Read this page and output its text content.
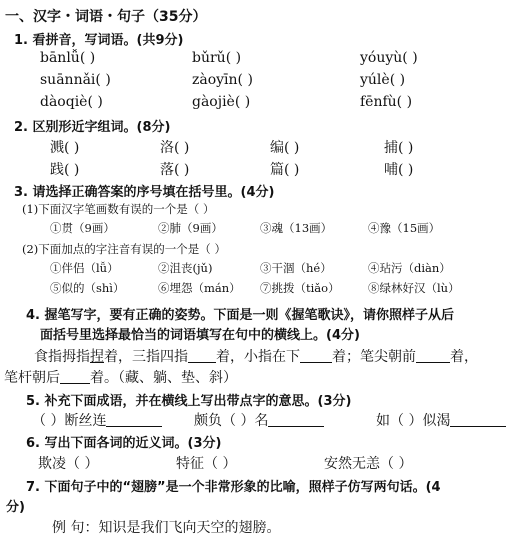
一、汉字・词语・句子（35分）
1. 看拼音，写词语。(共9分)
bānlǚ( )	bǔrǔ( )	yóuyù( )
suānnǎi( )	zàoyīn( )	yúlè( )
dàoqiè( )	gàojiè( )	fēnfù( )
2. 区别形近字组词。(8分)
溅( )	洛( )	编( )	捕( )
践( )	落( )	篇( )	哺( )
3. 请选择正确答案的序号填在括号里。(4分)
(1)下面汉字笔画数有误的一个是（ ）
①贯（9画）	②肺（9画）	③魂（13画）	④豫（15画）
(2)下面加点的字注音有误的一个是（ ）
①伴侣（lǚ）	②沮丧(jǔ)	③干涸（hé）	④玷污（diàn）
⑤似的（shì）	⑥埋怨（mán） ⑦挑拨（tiǎo） ⑧绿林好汉（lù）
4. 握笔写字，要有正确的姿势。下面是一则《握笔歌诀》，请你照样子从后
面括号里选择最恰当的词语填写在句中的横线上。(4分)
食指拇指捏着，三指四指 着，小指在下 着；笔尖朝前 着，
笔杆朝后 着。（藏、躺、垫、斜）
5. 补充下面成语，并在横线上写出带点字的意思。(3分)
（ ）断丝连	颇负（ ）名	如（ ）似渴
6. 写出下面各词的近义词。(3分)
欺凌（ ）	特征（ ）	安然无恙（ ）
7. 下面句子中的“翅膀”是一个非常形象的比喻，照样子仿写两句话。(4
分)
例 句：知识是我们飞向天空的翅膀。
